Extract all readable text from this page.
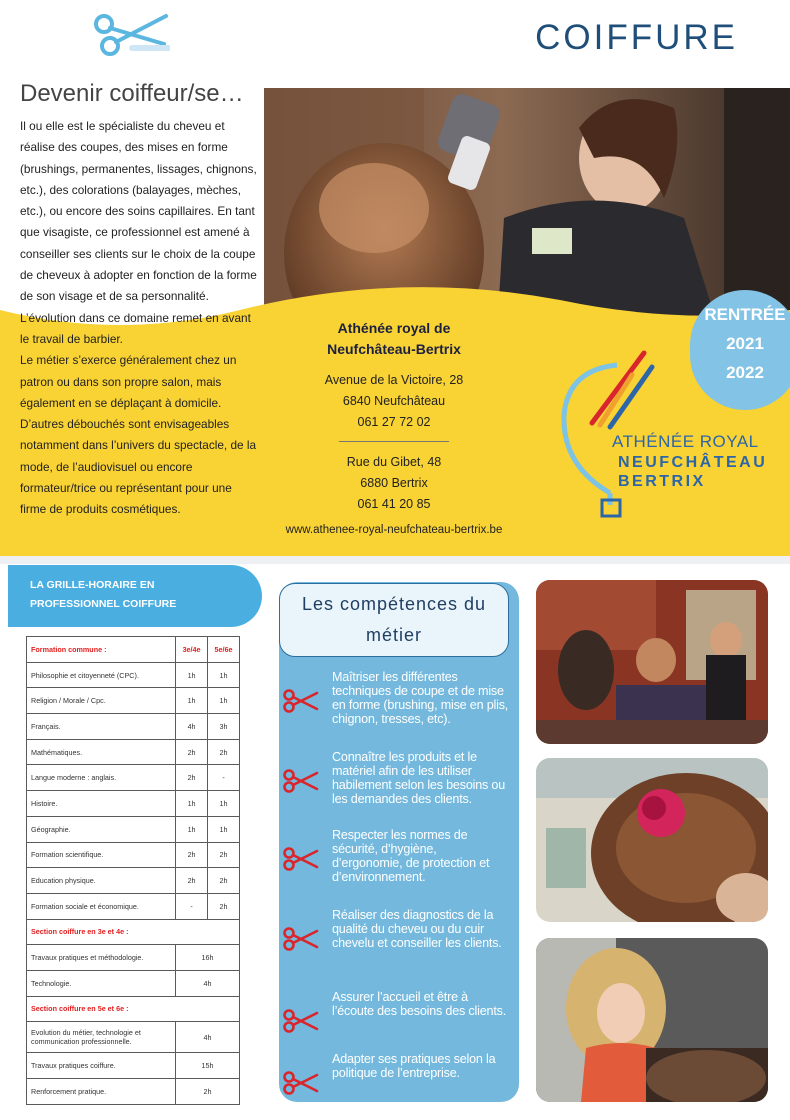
COIFFURE
Devenir coiffeur/se…

Il ou elle est le spécialiste du cheveu et réalise des coupes, des mises en forme (brushings, permanentes, lissages, chignons, etc.), des colorations (balayages, mèches, etc.), ou encore des soins capillaires. En tant que visagiste, ce professionnel est amené à conseiller ses clients sur le choix de la coupe de cheveux à adopter en fonction de la forme de son visage et de sa personnalité. L’évolution dans ce domaine remet en avant le travail de barbier.

Le métier s’exerce généralement chez un patron ou dans son propre salon, mais également en se déplaçant à domicile. D’autres débouchés sont envisageables notamment dans l’univers du spectacle, de la mode, de l’audiovisuel ou encore formateur/trice ou représentant pour une firme de produits cosmétiques.

Athénée royal de
Neufchâteau-Bertrix
Avenue de la Victoire, 28
6840 Neufchâteau
061 27 72 02
Rue du Gibet, 48
6880 Bertrix
061 41 20 85
www.athenee-royal-neufchateau-bertrix.be
RENTRÉE
2021
2022
ATHÉNÉE ROYAL
NEUFCHÂTEAU
BERTRIX
LA GRILLE-HORAIRE EN
PROFESSIONNEL COIFFURE
Formation commune :	3e/4e	5e/6e
Philosophie et citoyenneté (CPC).	1h	1h
Religion / Morale / Cpc.	1h	1h
Français.	4h	3h
Mathématiques.	2h	2h
Langue moderne : anglais.	2h	-
Histoire.	1h	1h
Géographie.	1h	1h
Formation scientifique.	2h	2h
Education physique.	2h	2h
Formation sociale et économique.	-	2h
Section coiffure en 3e et 4e :		
Travaux pratiques et méthodologie.	16h	
Technologie.	4h	
Section coiffure en 5e et 6e :		
Evolution du métier, technologie et communication professionnelle.	4h	
Travaux pratiques coiffure.	15h	
Renforcement pratique.	2h	
Les compétences du
métier
Maîtriser les différentes techniques de coupe et de mise en forme (brushing, mise en plis, chignon, tresses, etc).
Connaître les produits et le matériel afin de les utiliser habilement selon les besoins ou les demandes des clients.
Respecter les normes de sécurité, d’hygiène, d’ergonomie, de protection et d’environnement.
Réaliser des diagnostics de la qualité du cheveu ou du cuir chevelu et conseiller les clients.
Assurer l’accueil et être à l’écoute des besoins des clients.
Adapter ses pratiques selon la politique de l’entreprise.
